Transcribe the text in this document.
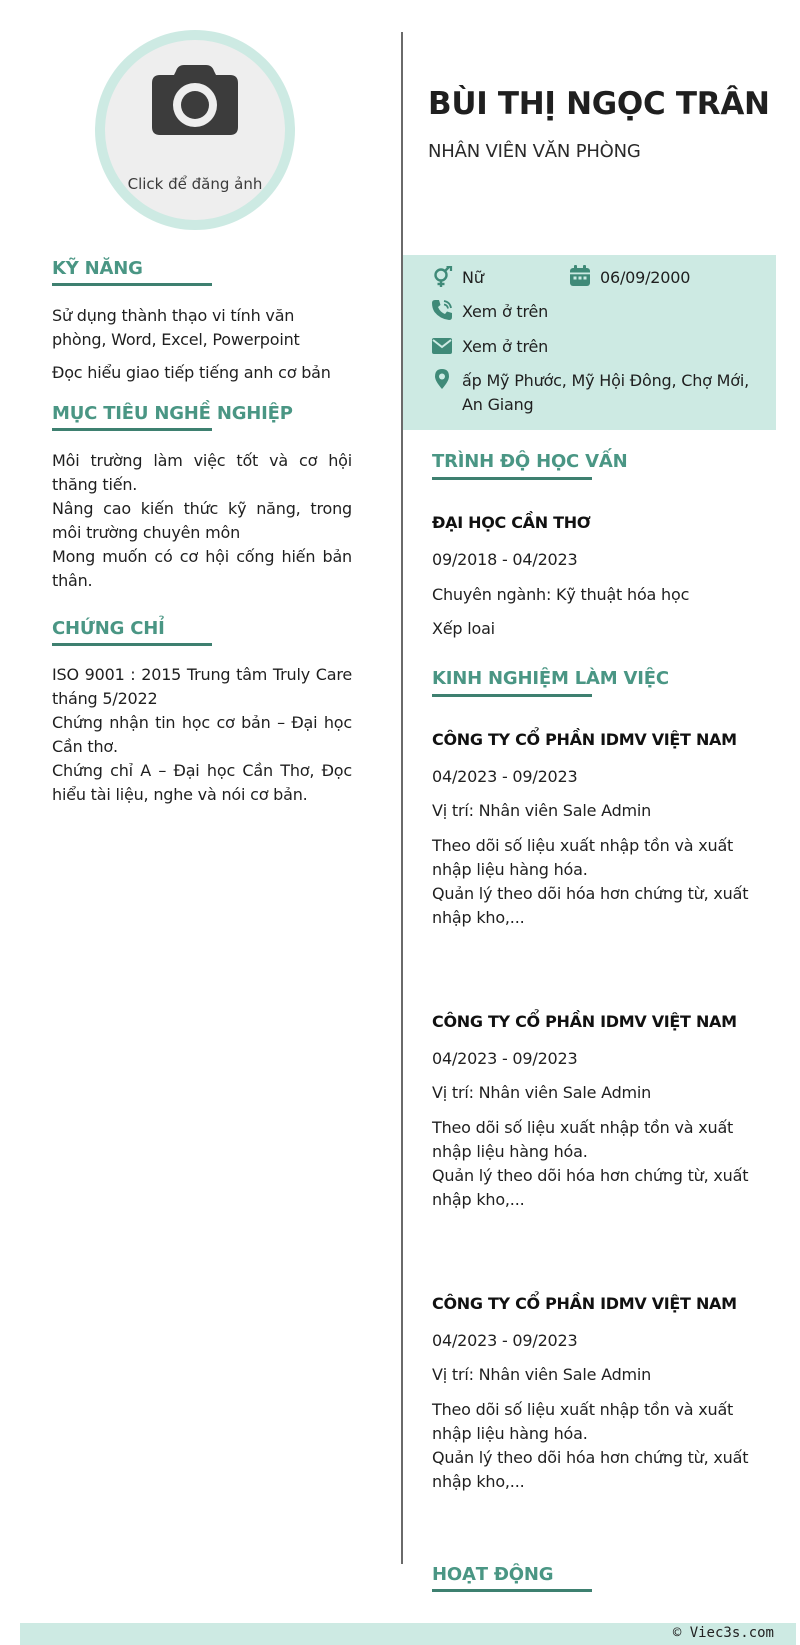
Click để đăng ảnh
KỸ NĂNG
Sử dụng thành thạo vi tính văn phòng, Word, Excel, Powerpoint
Đọc hiểu giao tiếp tiếng anh cơ bản
MỤC TIÊU NGHỀ NGHIỆP

Môi trường làm việc tốt và cơ hội thăng tiến.

Nâng cao kiến thức kỹ năng, trong môi trường chuyên môn

Mong muốn có cơ hội cống hiến bản thân.

CHỨNG CHỈ

ISO 9001 : 2015 Trung tâm Truly Care tháng 5/2022

Chứng nhận tin học cơ bản – Đại học Cần thơ.

Chứng chỉ A – Đại học Cần Thơ, Đọc hiểu tài liệu, nghe và nói cơ bản.

BÙI THỊ NGỌC TRÂN
NHÂN VIÊN VĂN PHÒNG
Nữ	06/09/2000
Xem ở trên
Xem ở trên
ấp Mỹ Phước, Mỹ Hội Đông, Chợ Mới, An Giang
TRÌNH ĐỘ HỌC VẤN
ĐẠI HỌC CẦN THƠ
09/2018 - 04/2023
Chuyên ngành: Kỹ thuật hóa học
Xếp loai
KINH NGHIỆM LÀM VIỆC
CÔNG TY CỔ PHẦN IDMV VIỆT NAM
04/2023 - 09/2023
Vị trí: Nhân viên Sale Admin

Theo dõi số liệu xuất nhập tồn và xuất nhập liệu hàng hóa.

Quản lý theo dõi hóa hơn chứng từ, xuất nhập kho,...

CÔNG TY CỔ PHẦN IDMV VIỆT NAM
04/2023 - 09/2023
Vị trí: Nhân viên Sale Admin

Theo dõi số liệu xuất nhập tồn và xuất nhập liệu hàng hóa.

Quản lý theo dõi hóa hơn chứng từ, xuất nhập kho,...

CÔNG TY CỔ PHẦN IDMV VIỆT NAM
04/2023 - 09/2023
Vị trí: Nhân viên Sale Admin

Theo dõi số liệu xuất nhập tồn và xuất nhập liệu hàng hóa.

Quản lý theo dõi hóa hơn chứng từ, xuất nhập kho,...

HOẠT ĐỘNG
© Viec3s.com
